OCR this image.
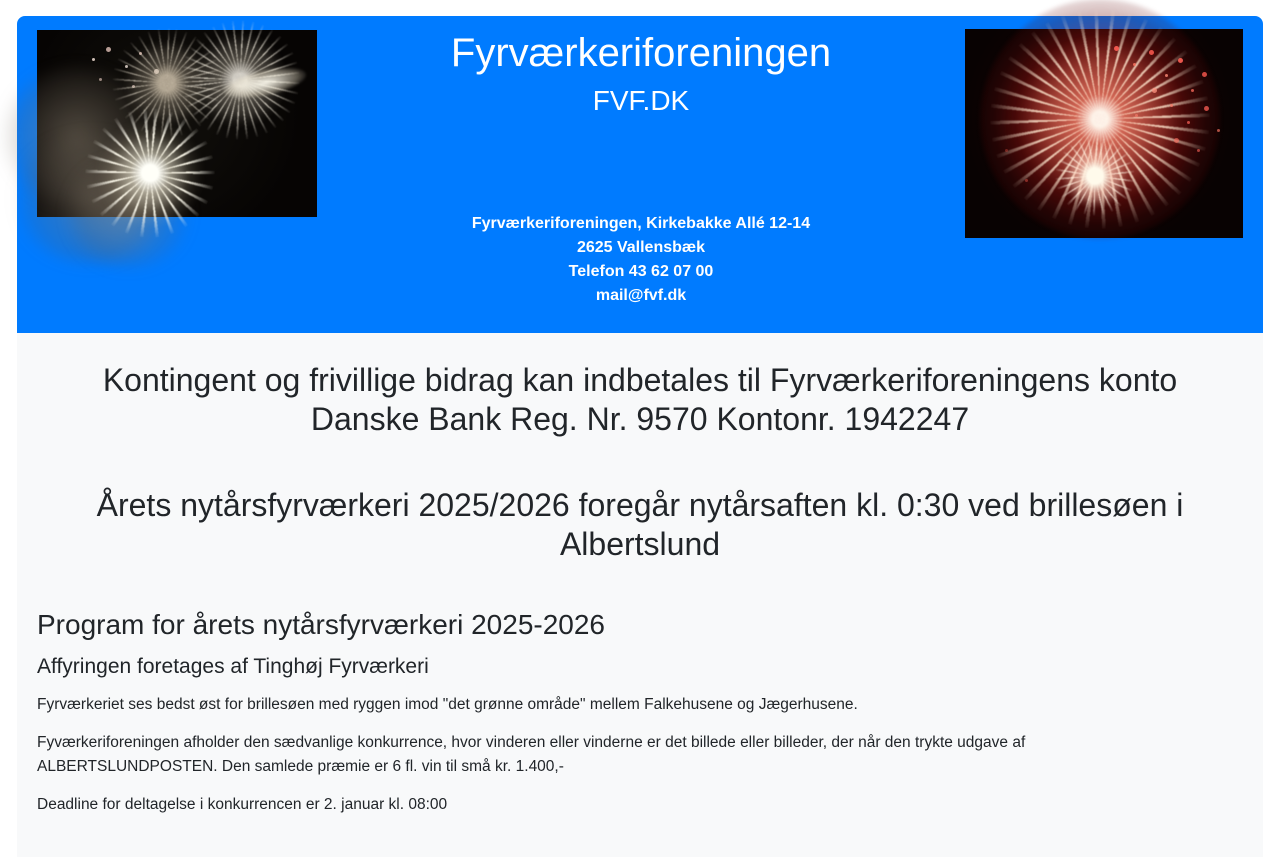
Fyrværkeriforeningen
FVF.DK
Fyrværkeriforeningen, Kirkebakke Allé 12-14
2625 Vallensbæk
Telefon 43 62 07 00
mail@fvf.dk
Kontingent og frivillige bidrag kan indbetales til Fyrværkeriforeningens konto
Danske Bank Reg. Nr. 9570 Kontonr. 1942247
Årets nytårsfyrværkeri 2025/2026 foregår nytårsaften kl. 0:30 ved brillesøen i
Albertslund
Program for årets nytårsfyrværkeri 2025-2026
Affyringen foretages af Tinghøj Fyrværkeri

Fyrværkeriet ses bedst øst for brillesøen med ryggen imod "det grønne område" mellem Falkehusene og Jægerhusene.

Fyværkeriforeningen afholder den sædvanlige konkurrence, hvor vinderen eller vinderne er det billede eller billeder, der når den trykte udgave af ALBERTSLUNDPOSTEN. Den samlede præmie er 6 fl. vin til små kr. 1.400,-

Deadline for deltagelse i konkurrencen er 2. januar kl. 08:00
